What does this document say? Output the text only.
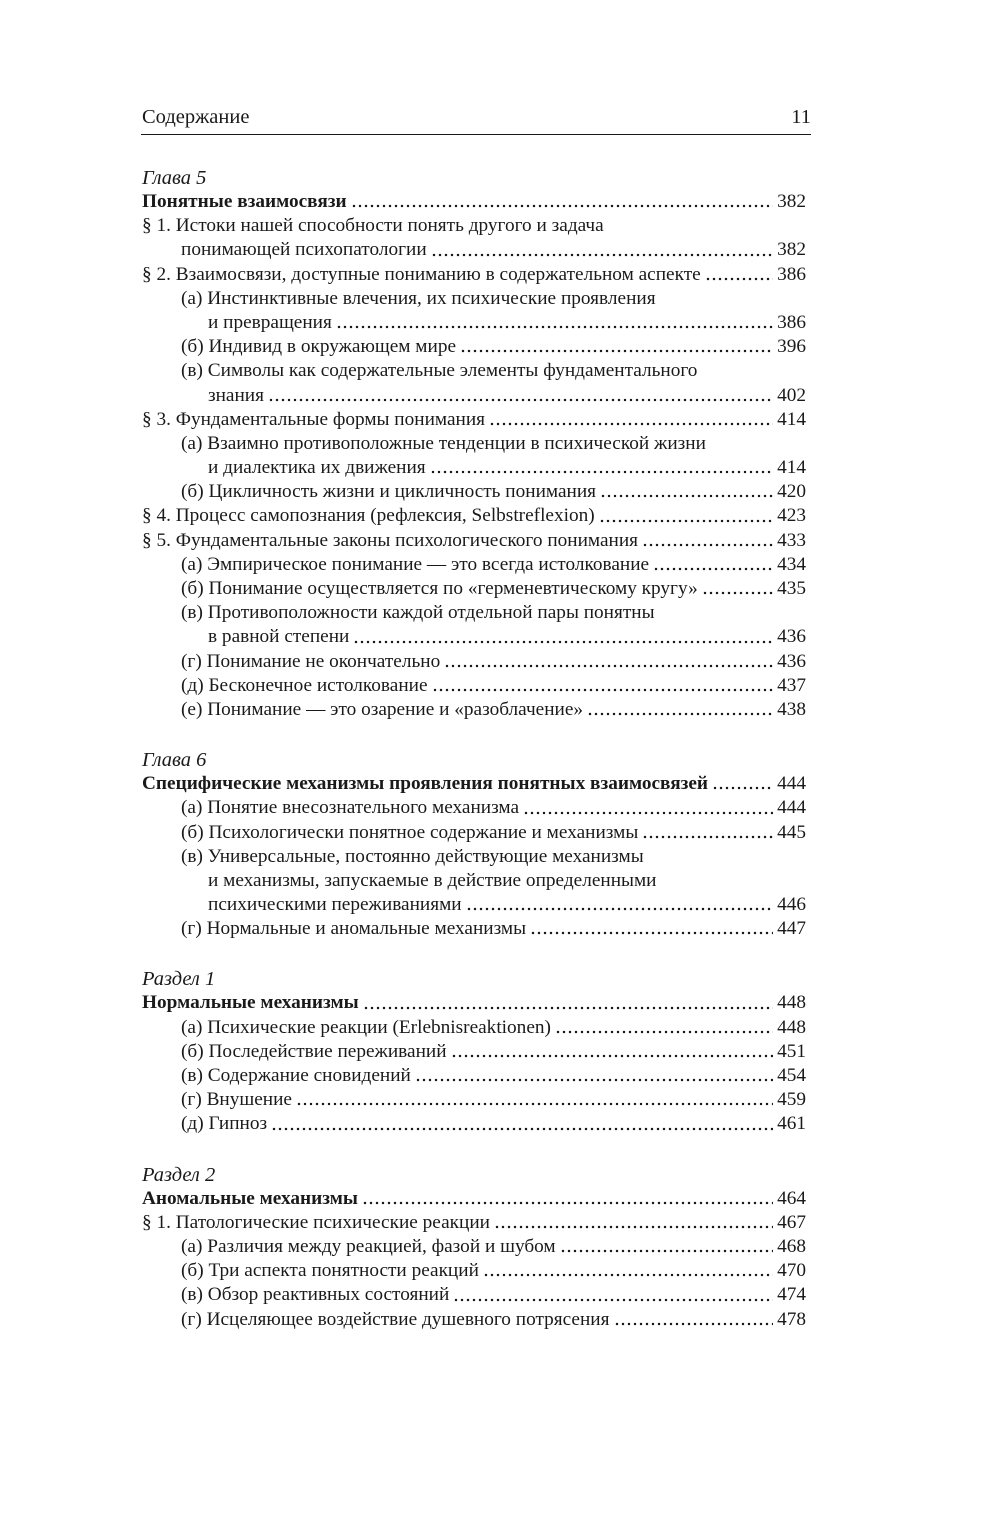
Содержание	11
Глава 5
Понятные взаимосвязи	382
§ 1. Истоки нашей способности понять другого и задача
понимающей психопатологии	382
§ 2. Взаимосвязи, доступные пониманию в содержательном аспекте	386
(а) Инстинктивные влечения, их психические проявления
и превращения	386
(б) Индивид в окружающем мире	396
(в) Символы как содержательные элементы фундаментального
знания	402
§ 3. Фундаментальные формы понимания	414
(а) Взаимно противоположные тенденции в психической жизни
и диалектика их движения	414
(б) Цикличность жизни и цикличность понимания	420
§ 4. Процесс самопознания (рефлексия, Selbstreflexion)	423
§ 5. Фундаментальные законы психологического понимания	433
(а) Эмпирическое понимание — это всегда истолкование	434
(б) Понимание осуществляется по «герменевтическому кругу»	435
(в) Противоположности каждой отдельной пары понятны
в равной степени	436
(г) Понимание не окончательно	436
(д) Бесконечное истолкование	437
(е) Понимание — это озарение и «разоблачение»	438
Глава 6
Специфические механизмы проявления понятных взаимосвязей	444
(а) Понятие внесознательного механизма	444
(б) Психологически понятное содержание и механизмы	445
(в) Универсальные, постоянно действующие механизмы
и механизмы, запускаемые в действие определенными
психическими переживаниями	446
(г) Нормальные и аномальные механизмы	447
Раздел 1
Нормальные механизмы	448
(а) Психические реакции (Erlebnisreaktionen)	448
(б) Последействие переживаний	451
(в) Содержание сновидений	454
(г) Внушение	459
(д) Гипноз	461
Раздел 2
Аномальные механизмы	464
§ 1. Патологические психические реакции	467
(а) Различия между реакцией, фазой и шубом	468
(б) Три аспекта понятности реакций	470
(в) Обзор реактивных состояний	474
(г) Исцеляющее воздействие душевного потрясения	478
